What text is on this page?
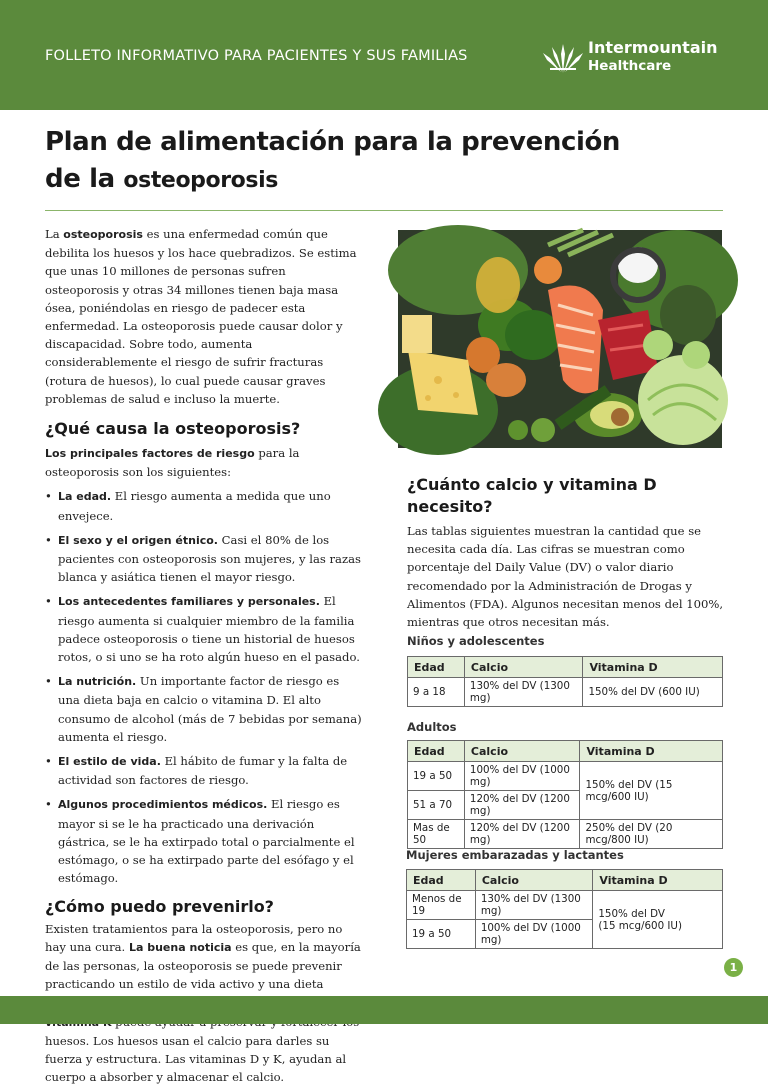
FOLLETO INFORMATIVO PARA PACIENTES Y SUS FAMILIAS	Intermountain
Healthcare
Plan de alimentación para la prevención
de la osteoporosis

La osteoporosis es una enfermedad común que debilita los huesos y los hace quebradizos. Se estima que unas 10 millones de personas sufren osteoporosis y otras 34 millones tienen baja masa ósea, poniéndolas en riesgo de padecer esta enfermedad. La osteoporosis puede causar dolor y discapacidad. Sobre todo, aumenta considerablemente el riesgo de sufrir fracturas (rotura de huesos), lo cual puede causar graves problemas de salud e incluso la muerte.

¿Qué causa la osteoporosis?

Los principales factores de riesgo para la osteoporosis son los siguientes:

• La edad. El riesgo aumenta a medida que uno envejece.
• El sexo y el origen étnico. Casi el 80% de los pacientes con osteoporosis son mujeres, y las razas blanca y asiática tienen el mayor riesgo.
• Los antecedentes familiares y personales. El riesgo aumenta si cualquier miembro de la familia padece osteoporosis o tiene un historial de huesos rotos, o si uno se ha roto algún hueso en el pasado.
• La nutrición. Un importante factor de riesgo es una dieta baja en calcio o vitamina D. El alto consumo de alcohol (más de 7 bebidas por semana) aumenta el riesgo.
• El estilo de vida. El hábito de fumar y la falta de actividad son factores de riesgo.
• Algunos procedimientos médicos. El riesgo es mayor si se le ha practicado una derivación gástrica, se le ha extirpado total o parcialmente el estómago, o se ha extirpado parte del esófago y el estómago.
¿Cómo puedo prevenirlo?

Existen tratamientos para la osteoporosis, pero no hay una cura. La buena noticia es que, en la mayoría de las personas, la osteoporosis se puede prevenir practicando un estilo de vida activo y una dieta huesos. Los huesos usan el calcio para darles su fuerza y estructura. Las vitaminas D y K, ayudan al cuerpo a absorber y almacenar el calcio.

¿Cuánto calcio y vitamina D necesito?

Las tablas siguientes muestran la cantidad que se necesita cada día. Las cifras se muestran como porcentaje del Daily Value (DV) o valor diario recomendado por la Administración de Drogas y Alimentos (FDA). Algunos necesitan menos del 100%, mientras que otros necesitan más.

Niños y adolescentes
Edad	Calcio	Vitamina D
9 a 18	130% del DV (1300 mg)	150% del DV (600 IU)
Adultos
Edad	Calcio	Vitamina D
19 a 50	100% del DV (1000 mg)	150% del DV (15 mcg/600 IU)
51 a 70	120% del DV (1200 mg)	
Mas de 50	120% del DV (1200 mg)	250% del DV (20 mcg/800 IU)
Mujeres embarazadas y lactantes
Edad	Calcio	Vitamina D
Menos de 19	130% del DV (1300 mg)	150% del DV
(15 mcg/600 IU)

19 a 50	100% del DV (1000 mg)	
1
